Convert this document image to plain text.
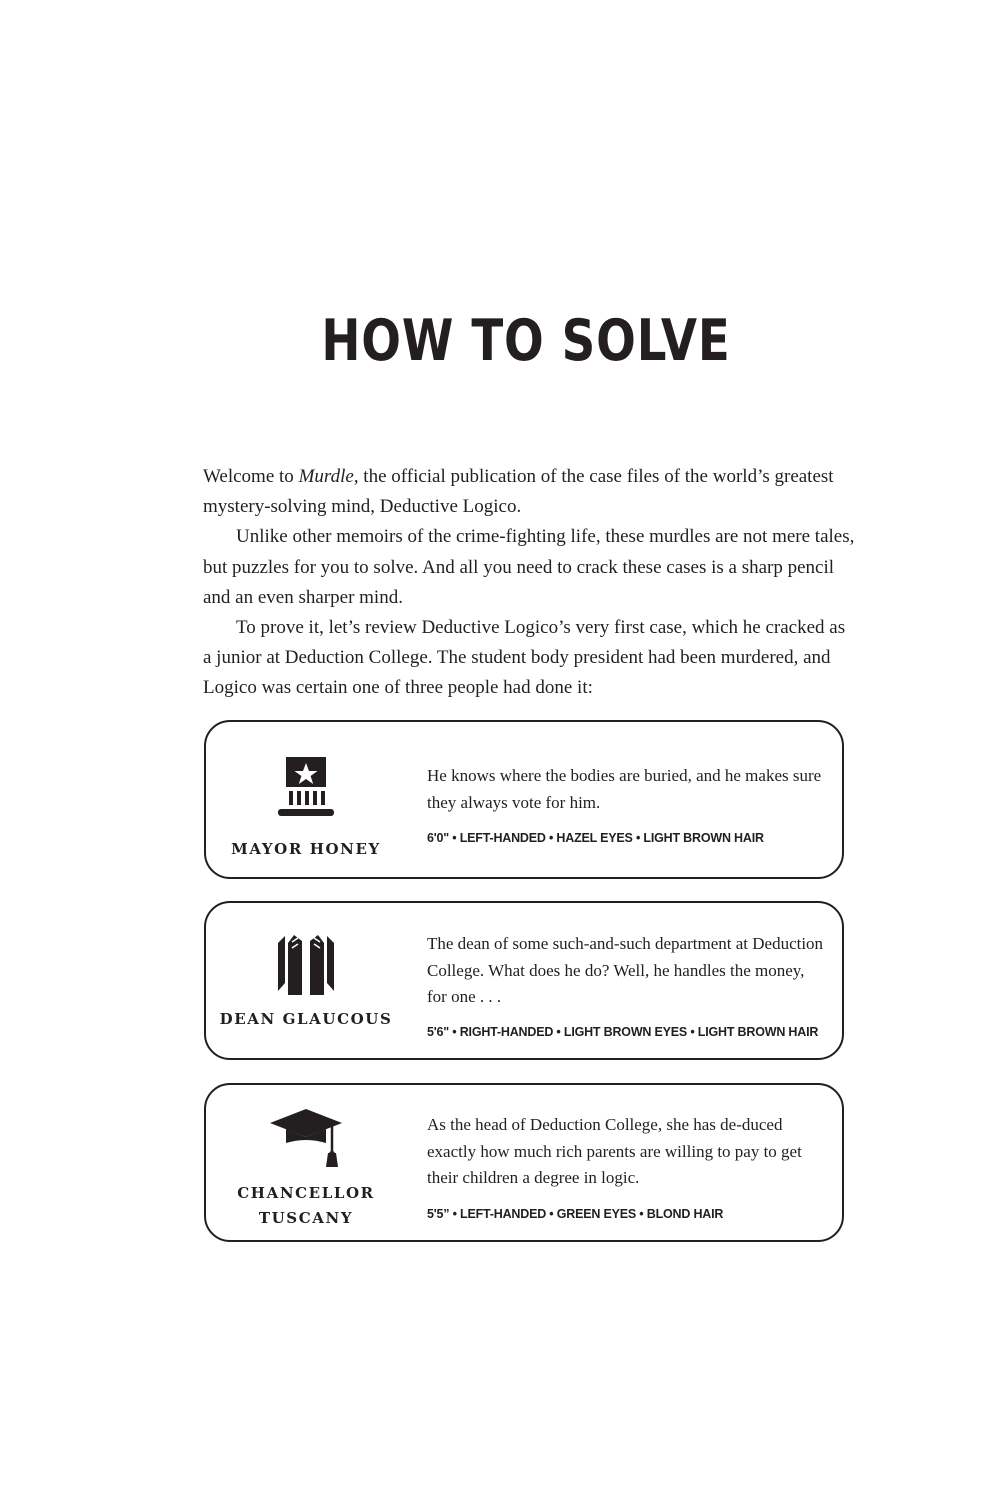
HOW TO SOLVE

Welcome to Murdle, the official publication of the case files of the world’s greatest mystery-solving mind, Deductive Logico.

Unlike other memoirs of the crime-fighting life, these murdles are not mere tales, but puzzles for you to solve. And all you need to crack these cases is a sharp pencil and an even sharper mind.

To prove it, let’s review Deductive Logico’s very first case, which he cracked as a junior at Deduction College. The student body president had been murdered, and Logico was certain one of three people had done it:

MAYOR HONEY
He knows where the bodies are buried, and he makes sure they always vote for him.
6'0" • LEFT-HANDED • HAZEL EYES • LIGHT BROWN HAIR
DEAN GLAUCOUS
The dean of some such-and-such department at Deduction College. What does he do? Well, he handles the money, for one . . .
5'6" • RIGHT-HANDED • LIGHT BROWN EYES • LIGHT BROWN HAIR
CHANCELLOR
TUSCANY
As the head of Deduction College, she has de-duced exactly how much rich parents are willing to pay to get their children a degree in logic.
5'5” • LEFT-HANDED • GREEN EYES • BLOND HAIR
